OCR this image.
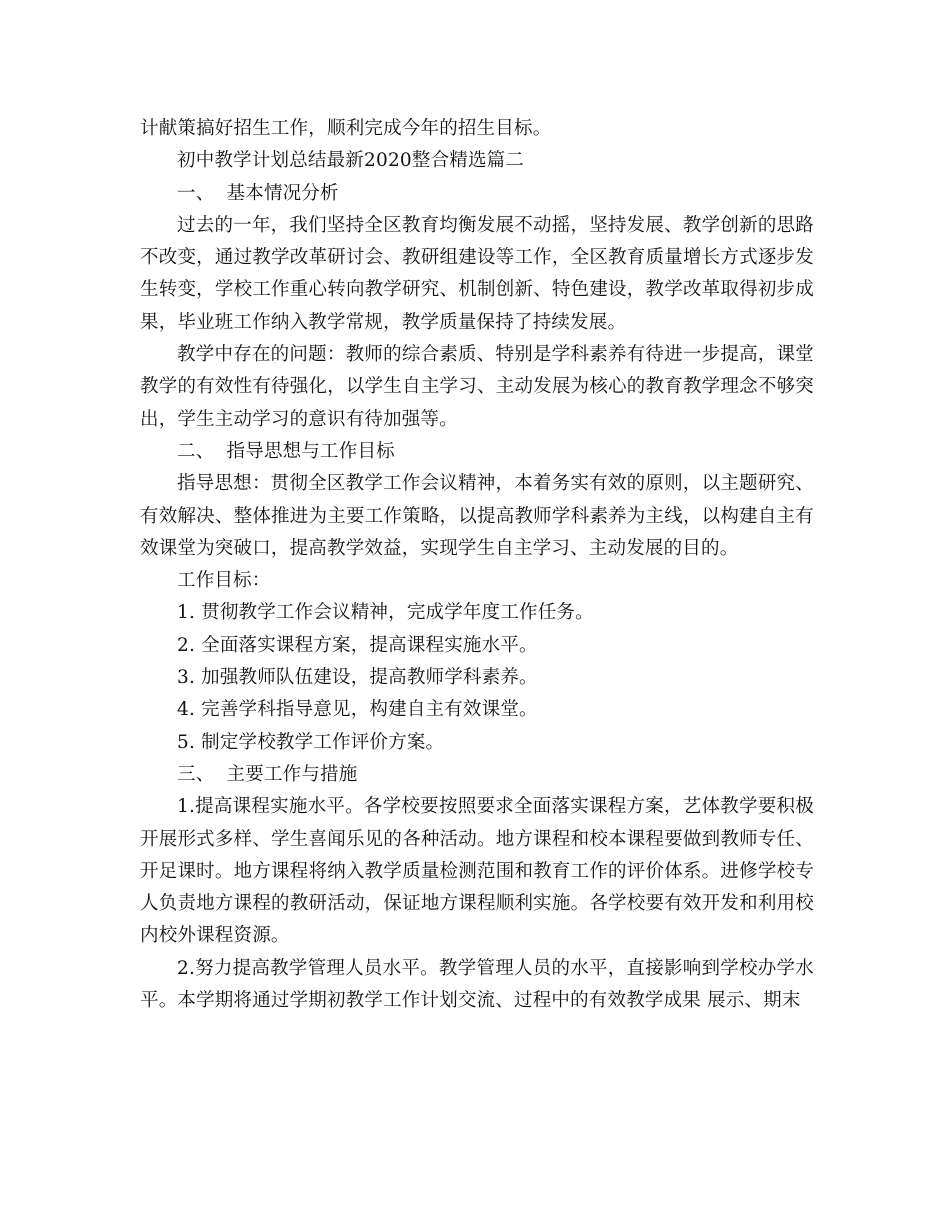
计献策搞好招生工作，顺利完成今年的招生目标。

初中教学计划总结最新2020整合精选篇二

一、  基本情况分析

过去的一年，我们坚持全区教育均衡发展不动摇，坚持发展、教学创新的思路不改变，通过教学改革研讨会、教研组建设等工作，全区教育质量增长方式逐步发生转变，学校工作重心转向教学研究、机制创新、特色建设，教学改革取得初步成果，毕业班工作纳入教学常规，教学质量保持了持续发展。

教学中存在的问题：教师的综合素质、特别是学科素养有待进一步提高，课堂教学的有效性有待强化，以学生自主学习、主动发展为核心的教育教学理念不够突出，学生主动学习的意识有待加强等。

二、  指导思想与工作目标

指导思想：贯彻全区教学工作会议精神，本着务实有效的原则，以主题研究、有效解决、整体推进为主要工作策略，以提高教师学科素养为主线，以构建自主有效课堂为突破口，提高教学效益，实现学生自主学习、主动发展的目的。

工作目标：

1. 贯彻教学工作会议精神，完成学年度工作任务。

2. 全面落实课程方案，提高课程实施水平。

3. 加强教师队伍建设，提高教师学科素养。

4. 完善学科指导意见，构建自主有效课堂。

5. 制定学校教学工作评价方案。

三、  主要工作与措施

1.提高课程实施水平。各学校要按照要求全面落实课程方案，艺体教学要积极开展形式多样、学生喜闻乐见的各种活动。地方课程和校本课程要做到教师专任、开足课时。地方课程将纳入教学质量检测范围和教育工作的评价体系。进修学校专人负责地方课程的教研活动，保证地方课程顺利实施。各学校要有效开发和利用校内校外课程资源。

2.努力提高教学管理人员水平。教学管理人员的水平，直接影响到学校办学水平。本学期将通过学期初教学工作计划交流、过程中的有效教学成果 展示、期末
